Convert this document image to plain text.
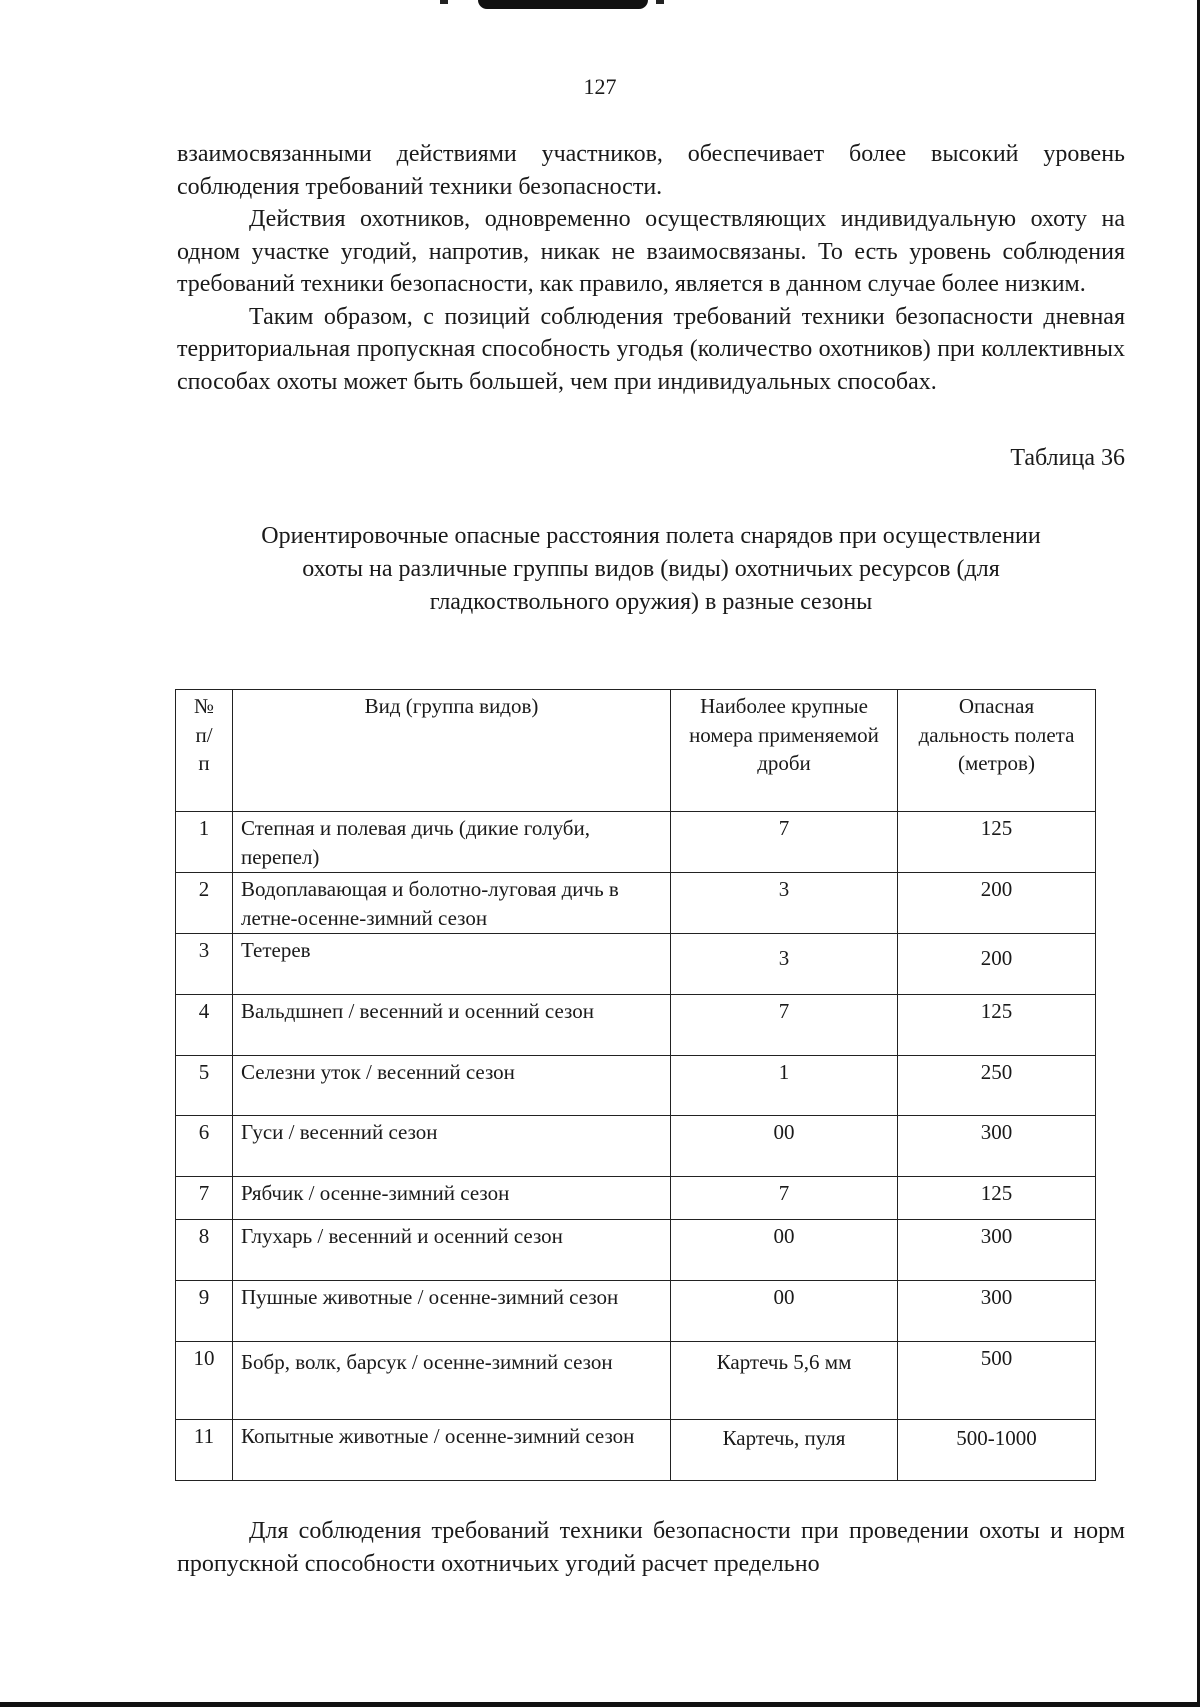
127

взаимосвязанными действиями участников, обеспечивает более высокий уровень соблюдения требований техники безопасности.

Действия охотников, одновременно осуществляющих индивидуальную охоту на одном участке угодий, напротив, никак не взаимосвязаны. То есть уровень соблюдения требований техники безопасности, как правило, является в данном случае более низким.

Таким образом, с позиций соблюдения требований техники безопасности дневная территориальная пропускная способность угодья (количество охотников) при коллективных способах охоты может быть большей, чем при индивидуальных способах.

Таблица 36
Ориентировочные опасные расстояния полета снарядов при осуществлении
охоты на различные группы видов (виды) охотничьих ресурсов (для
гладкоствольного оружия) в разные сезоны
№ п/п	Вид (группа видов)	Наиболее крупные номера применяемой дроби	Опасная дальность полета (метров)
1	Степная и полевая дичь (дикие голуби, перепел)	7	125
2	Водоплавающая и болотно-луговая дичь в летне-осенне-зимний сезон	3	200
3	Тетерев	3	200
4	Вальдшнеп / весенний и осенний сезон	7	125
5	Селезни уток / весенний сезон	1	250
6	Гуси / весенний сезон	00	300
7	Рябчик / осенне-зимний сезон	7	125
8	Глухарь / весенний и осенний сезон	00	300
9	Пушные животные / осенне-зимний сезон	00	300
10	Бобр, волк, барсук / осенне-зимний сезон	Картечь 5,6 мм	500
11	Копытные животные / осенне-зимний сезон	Картечь, пуля	500-1000

Для соблюдения требований техники безопасности при проведении охоты и норм пропускной способности охотничьих угодий расчет предельно
